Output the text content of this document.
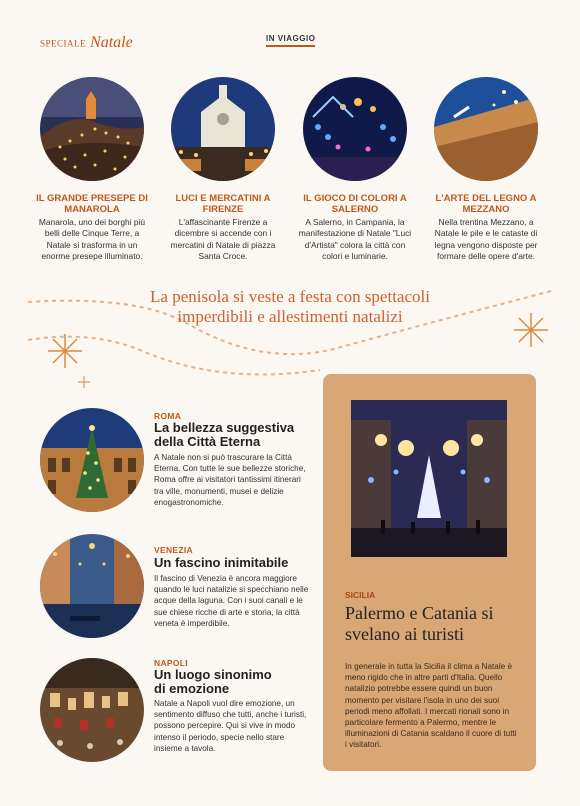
SPECIALE Natale	IN VIAGGIO
IL GRANDE PRESEPE DI MANAROLA
Manarola, uno dei borghi più belli delle Cinque Terre, a Natale si trasforma in un enorme presepe illuminato.
LUCI E MERCATINI A FIRENZE
L'affascinante Firenze a dicembre si accende con i mercatini di Natale di piazza Santa Croce.
IL GIOCO DI COLORI A SALERNO
A Salerno, in Campania, la manifestazione di Natale "Luci d'Artista" colora la città con colori e luminarie.
L'ARTE DEL LEGNO A MEZZANO
Nella trentina Mezzano, a Natale le pile e le cataste di legna vengono disposte per formare delle opere d'arte.
La penisola si veste a festa con spettacoli imperdibili e allestimenti natalizi
ROMA
La bellezza suggestiva della Città Eterna
A Natale non si può trascurare la Città Eterna. Con tutte le sue bellezze storiche, Roma offre ai visitatori tantissimi itinerari tra ville, monumenti, musei e delizie enogastronomiche.
VENEZIA
Un fascino inimitabile
Il fascino di Venezia è ancora maggiore quando le luci natalizie si specchiano nelle acque della laguna. Con i suoi canali e le sue chiese ricche di arte e storia, la città veneta è imperdibile.
NAPOLI
Un luogo sinonimo di emozione
Natale a Napoli vuol dire emozione, un sentimento diffuso che tutti, anche i turisti, possono percepire. Qui si vive in modo intenso il periodo, specie nello stare insieme a tavola.
SICILIA
Palermo e Catania si svelano ai turisti
In generale in tutta la Sicilia il clima a Natale è meno rigido che in altre parti d'Italia. Quello natalizio potrebbe essere quindi un buon momento per visitare l'isola in uno dei suoi periodi meno affollati. I mercati rionali sono in particolare fermento a Palermo, mentre le illuminazioni di Catania scaldano il cuore di tutti i visitatori.
